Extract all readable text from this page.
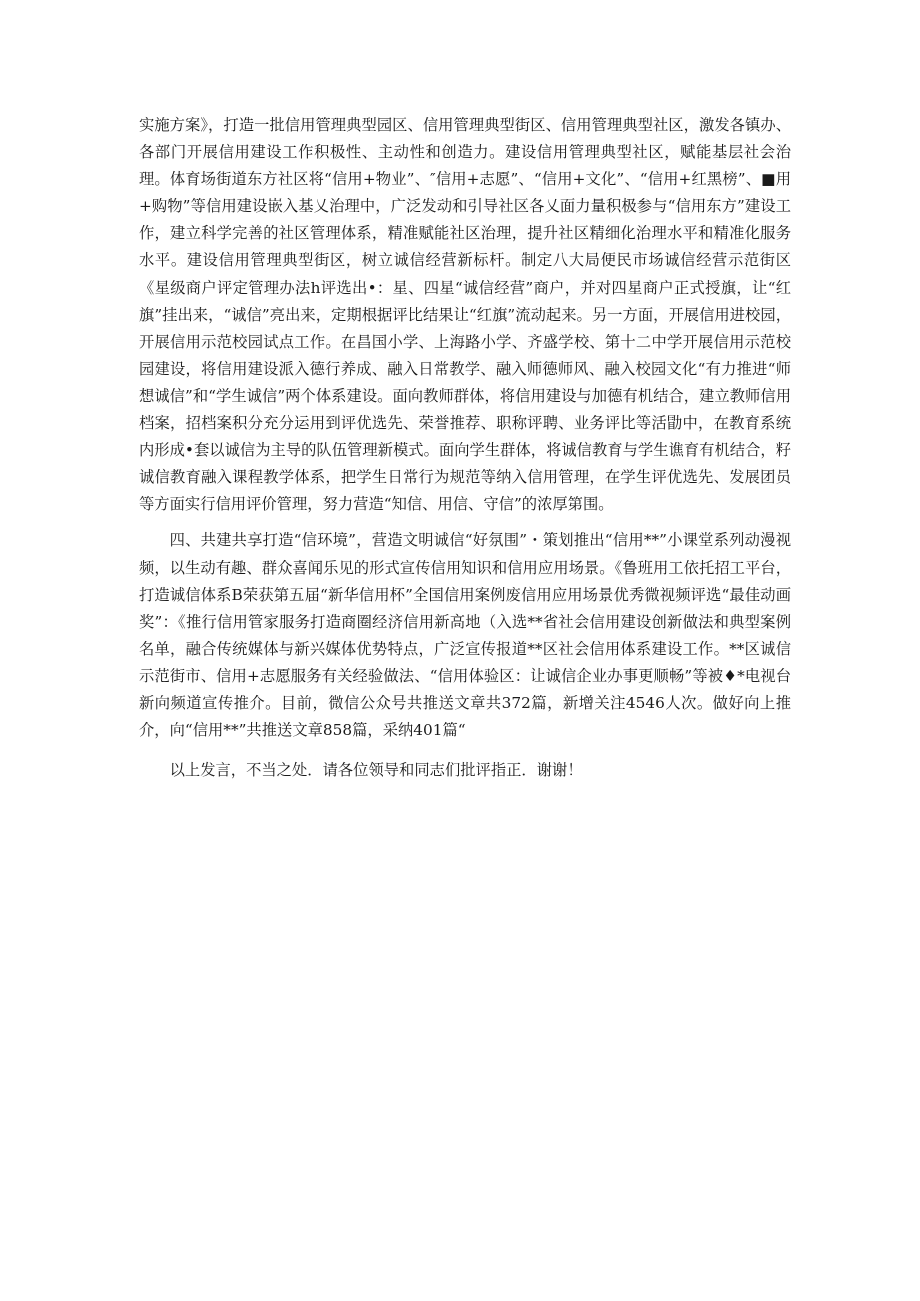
实施方案》，打造一批信用管理典型园区、信用管理典型街区、信用管理典型社区，激发各镇办、各部门开展信用建设工作积极性、主动性和创造力。建设信用管理典型社区，赋能基层社会治理。体育场街道东方社区将“信用+物业”、″信用+志愿”、“信用+文化”、“信用+红黑榜”、■用+购物”等信用建设嵌入基乂治理中，广泛发动和引导社区各乂面力量积极参与“信用东方”建设工作，建立科学完善的社区管理体系，精准赋能社区治理，提升社区精细化治理水平和精准化服务水平。建设信用管理典型街区，树立诚信经营新标杆。制定八大局便民市场诚信经营示范街区《星级商户评定管理办法h评选出•：星、四星“诚信经营”商户，并对四星商户正式授旗，让“红旗”挂出来，“诚信”亮出来，定期根据评比结果让“红旗”流动起来。另一方面，开展信用进校园，开展信用示范校园试点工作。在昌国小学、上海路小学、齐盛学校、第十二中学开展信用示范校园建设，将信用建设派入德行养成、融入日常教学、融入师德师风、融入校园文化“有力推进“师想诚信”和“学生诚信”两个体系建设。面向教师群体，将信用建设与加德有机结合，建立教师信用档案，招档案积分充分运用到评优选先、荣誉推荐、职称评聘、业务评比等活勖中，在教育系统内形成•套以诚信为主导的队伍管理新模式。面向学生群体，将诚信教育与学生谯育有机结合，籽诚信教育融入课程教学体系，把学生日常行为规范等纳入信用管理，在学生评优选先、发展团员等方面实行信用评价管理，努力营造“知信、用信、守信”的浓厚第围。

四、共建共享打造“信环境”，营造文明诚信“好氛围”・策划推出“信用**”小课堂系列动漫视频，以生动有趣、群众喜闻乐见的形式宣传信用知识和信用应用场景。《鲁班用工依托招工平台，打造诚信体系B荣获第五届“新华信用杯”全国信用案例废信用应用场景优秀微视频评选“最佳动画奖”：《推行信用管家服务打造商圈经济信用新高地（入选**省社会信用建设创新做法和典型案例名单，融合传统媒体与新兴媒体优势特点，广泛宣传报道**区社会信用体系建设工作。**区诚信示范街市、信用+志愿服务有关经验做法、“信用体验区：让诚信企业办事更顺畅”等被♦*电视台新向频道宣传推介。目前，微信公众号共推送文章共372篇，新增关注4546人次。做好向上推介，向“信用**”共推送文章858篇，采纳401篇“

以上发言，不当之处．请各位领导和同志们批评指正．谢谢！
